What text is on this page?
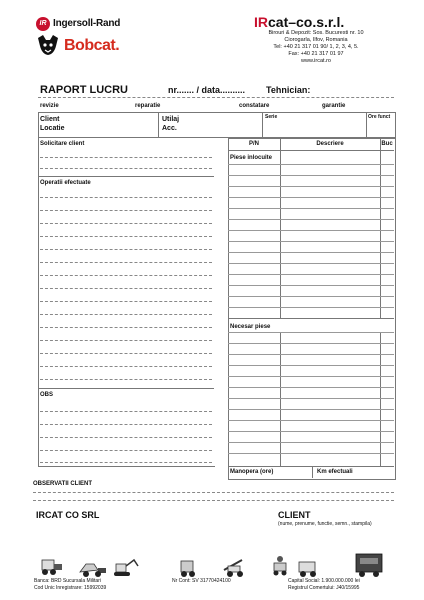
IR Ingersoll-Rand
Bobcat.
IRcat–co.s.r.l.
Birouri & Depozit: Sos. Bucuresti nr. 10
Ciorogarla, Ilfov, Romania
Tel: +40 21 317 01 90/ 1, 2, 3, 4, 5.
Fax: +40 21 317 01 97
www.ircat.ro
RAPORT LUCRU	nr....... / data.......... Tehnician:
revizie	reparatie	constatare	garantie
Client
Locatie
Utilaj
Acc.
Serie	Ore funct
Solicitare client
Operatii efectuate
OBS
P/N	Descriere	Buc
Piese inlocuite
Necesar piese
Manopera (ore)	Km efectuali
OBSERVATII CLIENT
IRCAT CO SRL	CLIENT
(nume, prenume, functie, semn., stampila)
Banca: BRD Sucursala Militari
Cod Unic Inregistrare: 15992039
Nr Cont: SV 31770424100	Capital Social: 1.900.000.000 lei
Registrul Comertului: J40/15995
